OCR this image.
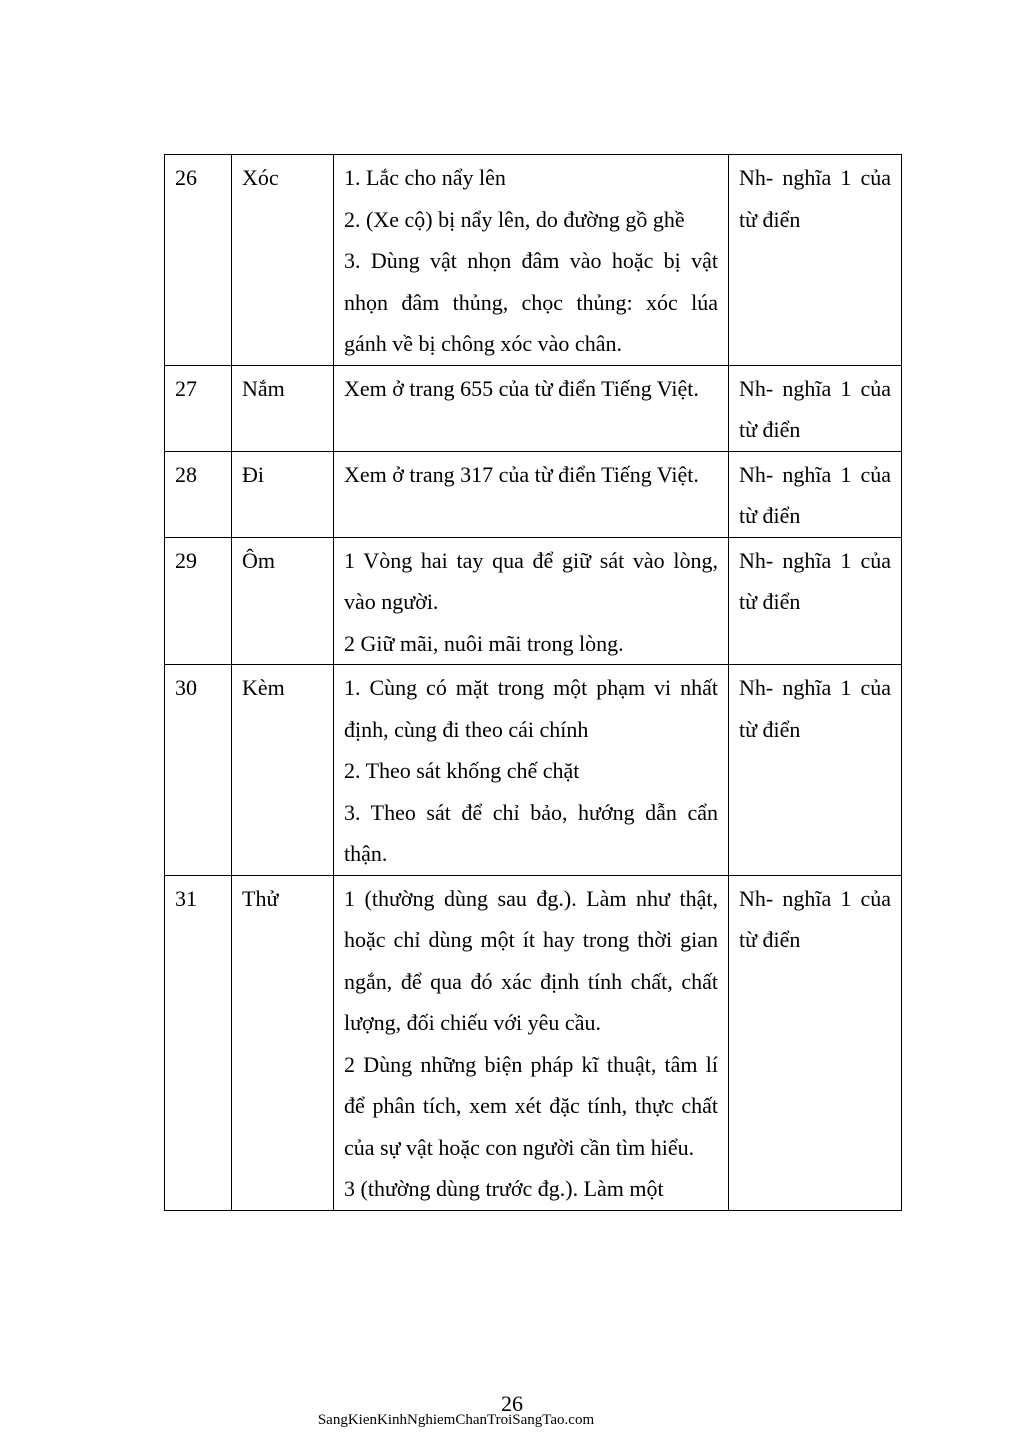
26	Xóc	1. Lắc cho nẩy lên
2. (Xe cộ) bị nẩy lên, do đường gồ ghề
3. Dùng vật nhọn đâm vào hoặc bị vật nhọn đâm thủng, chọc thủng: xóc lúa gánh về bị chông xóc vào chân.	Nh- nghĩa 1 của từ điển
27	Nắm	Xem ở trang 655 của từ điển Tiếng Việt.	Nh- nghĩa 1 của từ điển
28	Đi	Xem ở trang 317 của từ điển Tiếng Việt.	Nh- nghĩa 1 của từ điển
29	Ôm	1 Vòng hai tay qua để giữ sát vào lòng, vào người.
2 Giữ mãi, nuôi mãi trong lòng.	Nh- nghĩa 1 của từ điển
30	Kèm	1. Cùng có mặt trong một phạm vi nhất định, cùng đi theo cái chính
2. Theo sát khống chế chặt
3. Theo sát để chỉ bảo, hướng dẫn cẩn thận.	Nh- nghĩa 1 của từ điển
31	Thử	1 (thường dùng sau đg.). Làm như thật, hoặc chỉ dùng một ít hay trong thời gian ngắn, để qua đó xác định tính chất, chất lượng, đối chiếu với yêu cầu.
2 Dùng những biện pháp kĩ thuật, tâm lí để phân tích, xem xét đặc tính, thực chất của sự vật hoặc con người cần tìm hiểu.
3 (thường dùng trước đg.). Làm một	Nh- nghĩa 1 của từ điển
26
SangKienKinhNghiemChanTroiSangTao.com
